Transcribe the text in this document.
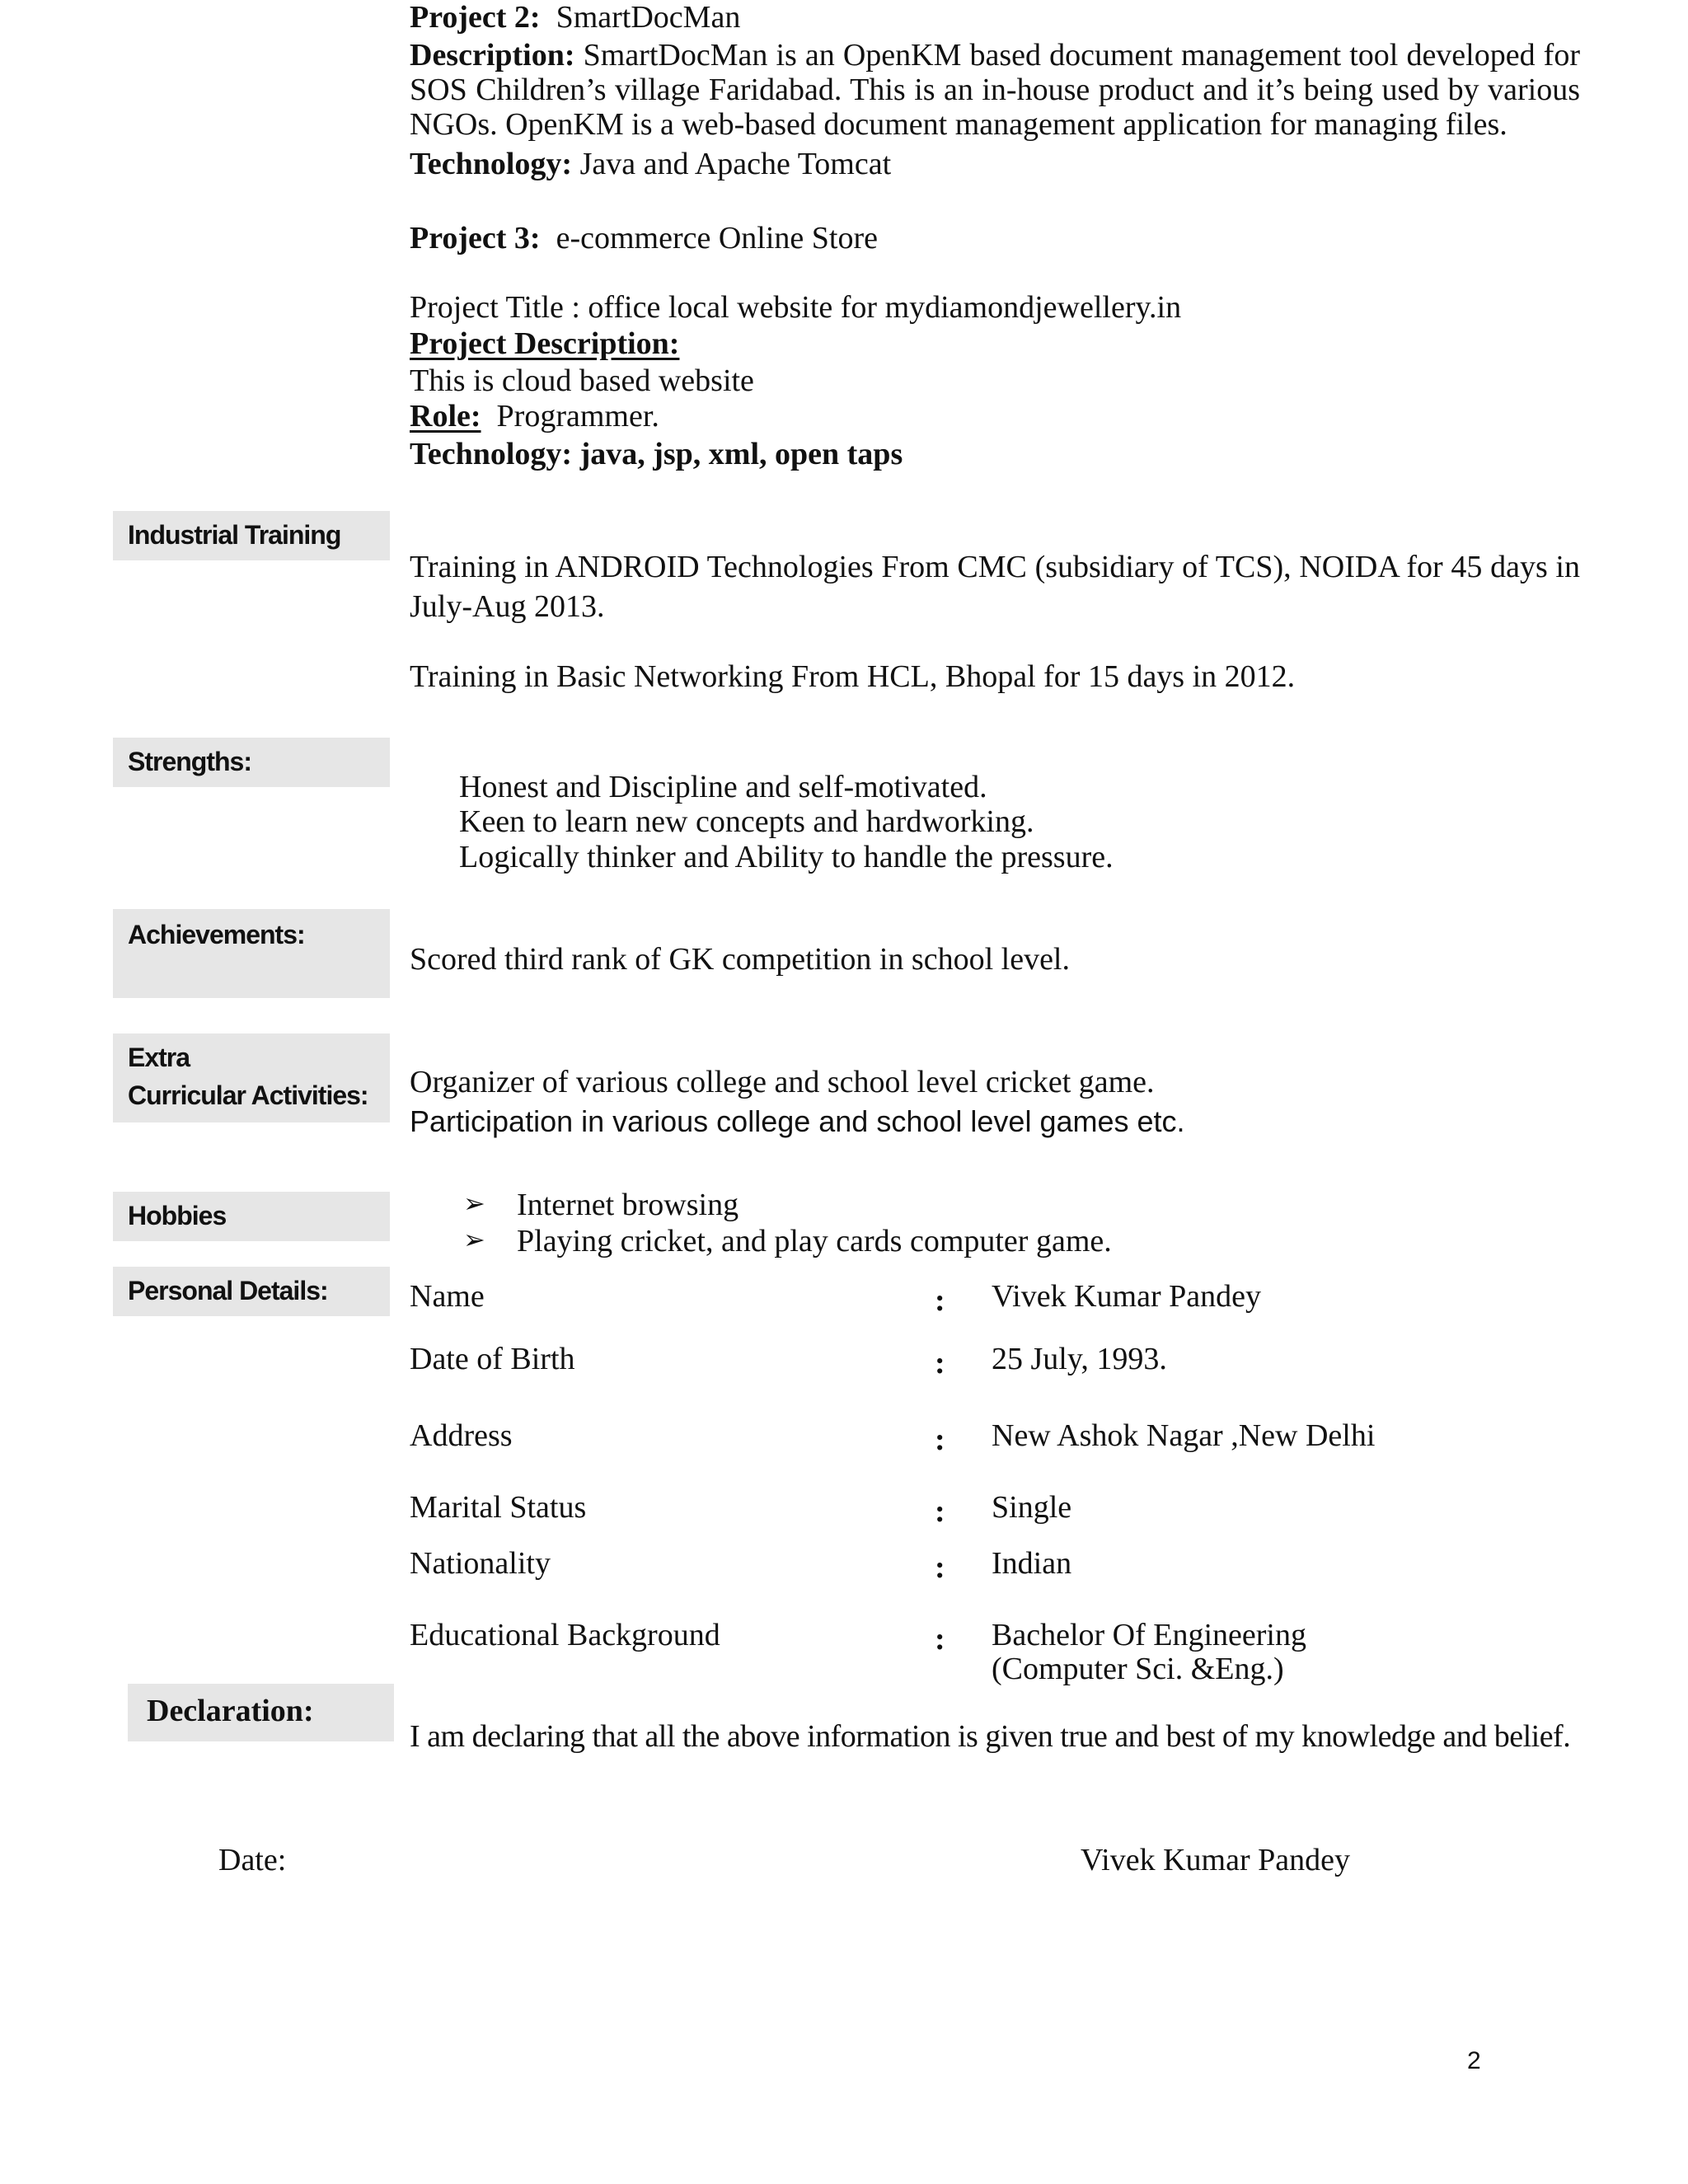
Project 2: SmartDocMan
Description: SmartDocMan is an OpenKM based document management tool developed for SOS Children’s village Faridabad. This is an in-house product and it’s being used by various NGOs. OpenKM is a web-based document management application for managing files.
Technology: Java and Apache Tomcat
Project 3: e-commerce Online Store
Project Title : office local website for mydiamondjewellery.in
Project Description:
This is cloud based website
Role: Programmer.
Technology: java, jsp, xml, open taps
Industrial Training
Training in ANDROID Technologies From CMC (subsidiary of TCS), NOIDA for 45 days in July-Aug 2013.
Training in Basic Networking From HCL, Bhopal for 15 days in 2012.
Strengths:
Honest and Discipline and self-motivated.
Keen to learn new concepts and hardworking.
Logically thinker and Ability to handle the pressure.
Achievements:
Scored third rank of GK competition in school level.
Extra
Curricular Activities:	Organizer of various college and school level cricket game.
Participation in various college and school level games etc.
Hobbies	➢ Internet browsing
➢ Playing cricket, and play cards computer game.
Personal Details:	Name	: Vivek Kumar Pandey
Date of Birth	: 25 July, 1993.
Address	: New Ashok Nagar ,New Delhi
Marital Status	: Single
Nationality	: Indian
Educational Background	: Bachelor Of Engineering
(Computer Sci. &Eng.)
Declaration:
I am declaring that all the above information is given true and best of my knowledge and belief.
Date:	Vivek Kumar Pandey
2
